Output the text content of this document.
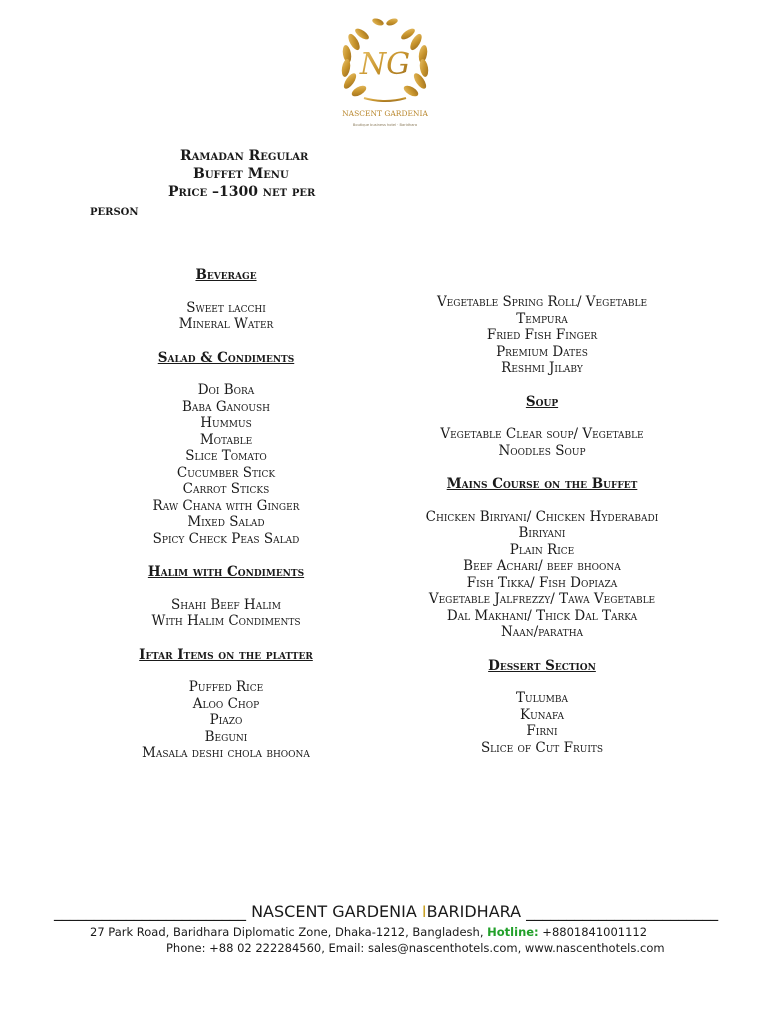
NG
NASCENT GARDENIA
Boutique business hotel · Baridhara
Ramadan Regular
Buffet Menu
Price –1300 net per
person

Beverage

Sweet lacchi

Mineral Water

Salad & Condiments

Doi Bora

Baba Ganoush

Hummus

Motable

Slice Tomato

Cucumber Stick

Carrot Sticks

Raw Chana with Ginger

Mixed Salad

Spicy Check Peas Salad

Halim with Condiments

Shahi Beef Halim

With Halim Condiments

Iftar Items on the platter

Puffed Rice

Aloo Chop

Piazo

Beguni

Masala deshi chola bhoona

Vegetable Spring Roll/ Vegetable

Tempura

Fried Fish Finger

Premium Dates

Reshmi Jilaby

Soup

Vegetable Clear soup/ Vegetable

Noodles Soup

Mains Course on the Buffet

Chicken Biriyani/ Chicken Hyderabadi

Biriyani

Plain Rice

Beef Achari/ beef bhoona

Fish Tikka/ Fish Dopiaza

Vegetable Jalfrezzy/ Tawa Vegetable

Dal Makhani/ Thick Dal Tarka

Naan/paratha

Dessert Section

Tulumba

Kunafa

Firni

Slice of Cut Fruits

________________________ NASCENT GARDENIA IBARIDHARA ________________________
27 Park Road, Baridhara Diplomatic Zone, Dhaka-1212, Bangladesh, Hotline: +8801841001112
Phone: +88 02 222284560, Email: sales@nascenthotels.com, www.nascenthotels.com
